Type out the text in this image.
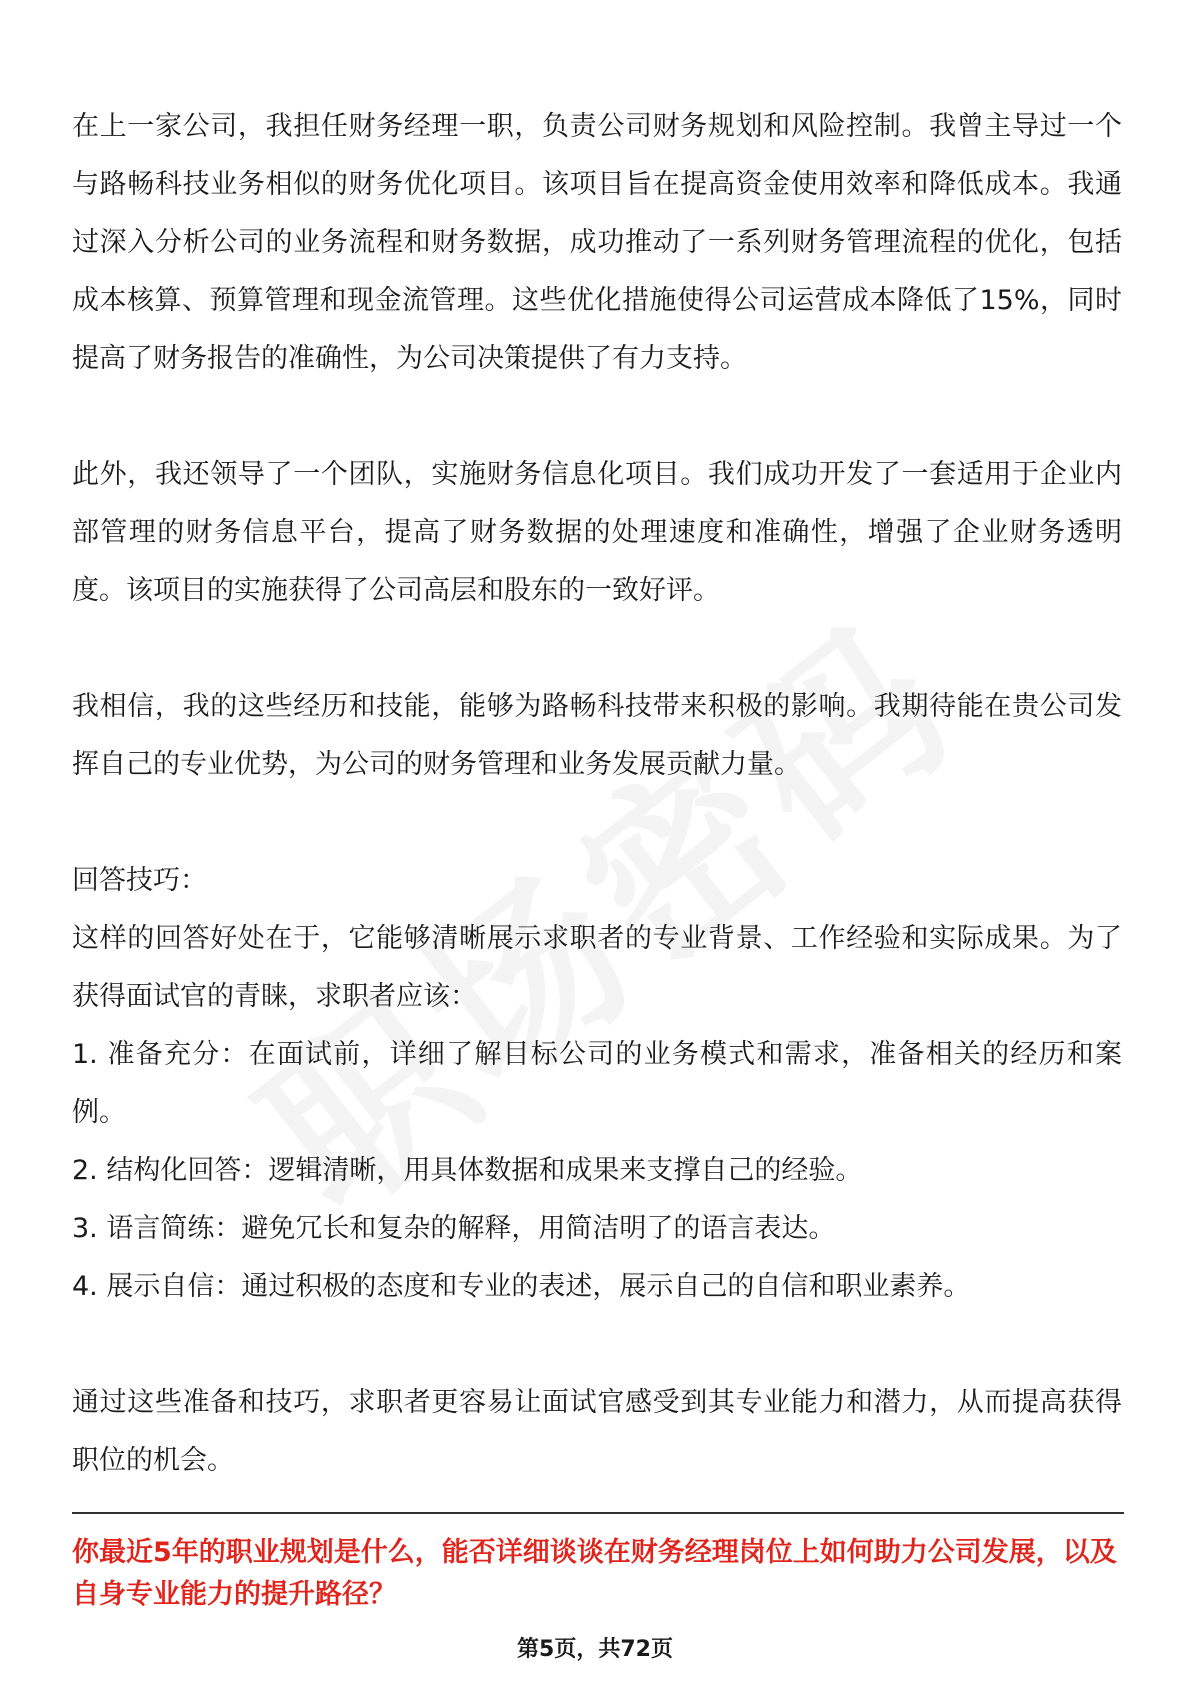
在上一家公司，我担任财务经理一职，负责公司财务规划和风险控制。我曾主导过一个与路畅科技业务相似的财务优化项目。该项目旨在提高资金使用效率和降低成本。我通过深入分析公司的业务流程和财务数据，成功推动了一系列财务管理流程的优化，包括成本核算、预算管理和现金流管理。这些优化措施使得公司运营成本降低了15%，同时提高了财务报告的准确性，为公司决策提供了有力支持。

此外，我还领导了一个团队，实施财务信息化项目。我们成功开发了一套适用于企业内部管理的财务信息平台，提高了财务数据的处理速度和准确性，增强了企业财务透明度。该项目的实施获得了公司高层和股东的一致好评。

我相信，我的这些经历和技能，能够为路畅科技带来积极的影响。我期待能在贵公司发挥自己的专业优势，为公司的财务管理和业务发展贡献力量。

回答技巧：

这样的回答好处在于，它能够清晰展示求职者的专业背景、工作经验和实际成果。为了获得面试官的青睐，求职者应该：

1. 准备充分：在面试前，详细了解目标公司的业务模式和需求，准备相关的经历和案例。

2. 结构化回答：逻辑清晰，用具体数据和成果来支撑自己的经验。

3. 语言简练：避免冗长和复杂的解释，用简洁明了的语言表达。

4. 展示自信：通过积极的态度和专业的表述，展示自己的自信和职业素养。

通过这些准备和技巧，求职者更容易让面试官感受到其专业能力和潜力，从而提高获得职位的机会。

你最近5年的职业规划是什么，能否详细谈谈在财务经理岗位上如何助力公司发展，以及自身专业能力的提升路径？

第5页，共72页
